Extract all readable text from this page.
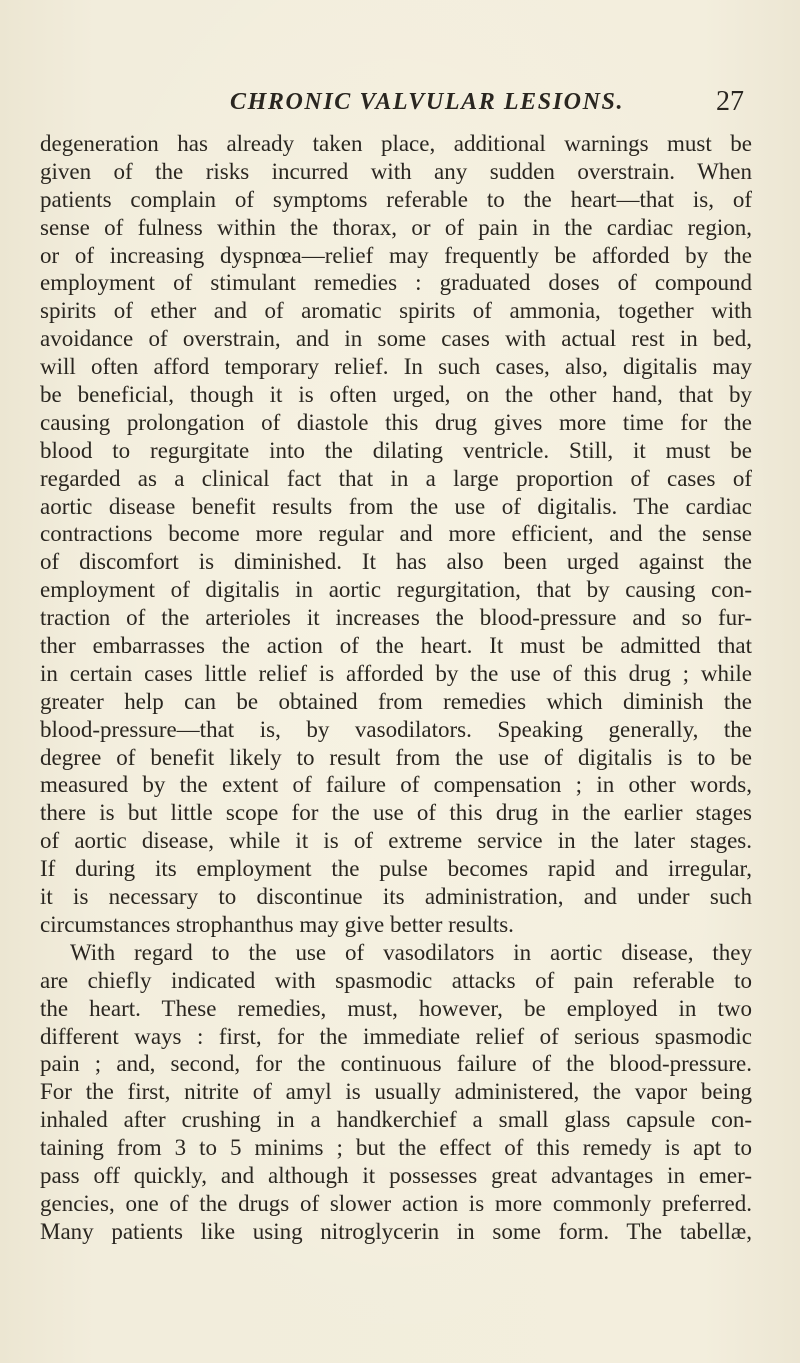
CHRONIC VALVULAR LESIONS.	27
degeneration has already taken place, additional warnings must be
given of the risks incurred with any sudden overstrain. When
patients complain of symptoms referable to the heart—that is, of
sense of fulness within the thorax, or of pain in the cardiac region,
or of increasing dyspnœa—relief may frequently be afforded by the
employment of stimulant remedies : graduated doses of compound
spirits of ether and of aromatic spirits of ammonia, together with
avoidance of overstrain, and in some cases with actual rest in bed,
will often afford temporary relief. In such cases, also, digitalis may
be beneficial, though it is often urged, on the other hand, that by
causing prolongation of diastole this drug gives more time for the
blood to regurgitate into the dilating ventricle. Still, it must be
regarded as a clinical fact that in a large proportion of cases of
aortic disease benefit results from the use of digitalis. The cardiac
contractions become more regular and more efficient, and the sense
of discomfort is diminished. It has also been urged against the
employment of digitalis in aortic regurgitation, that by causing con-
traction of the arterioles it increases the blood-pressure and so fur-
ther embarrasses the action of the heart. It must be admitted that
in certain cases little relief is afforded by the use of this drug ; while
greater help can be obtained from remedies which diminish the
blood-pressure—that is, by vasodilators. Speaking generally, the
degree of benefit likely to result from the use of digitalis is to be
measured by the extent of failure of compensation ; in other words,
there is but little scope for the use of this drug in the earlier stages
of aortic disease, while it is of extreme service in the later stages.
If during its employment the pulse becomes rapid and irregular,
it is necessary to discontinue its administration, and under such
circumstances strophanthus may give better results.
With regard to the use of vasodilators in aortic disease, they
are chiefly indicated with spasmodic attacks of pain referable to
the heart. These remedies, must, however, be employed in two
different ways : first, for the immediate relief of serious spasmodic
pain ; and, second, for the continuous failure of the blood-pressure.
For the first, nitrite of amyl is usually administered, the vapor being
inhaled after crushing in a handkerchief a small glass capsule con-
taining from 3 to 5 minims ; but the effect of this remedy is apt to
pass off quickly, and although it possesses great advantages in emer-
gencies, one of the drugs of slower action is more commonly preferred.
Many patients like using nitroglycerin in some form. The tabellæ,
